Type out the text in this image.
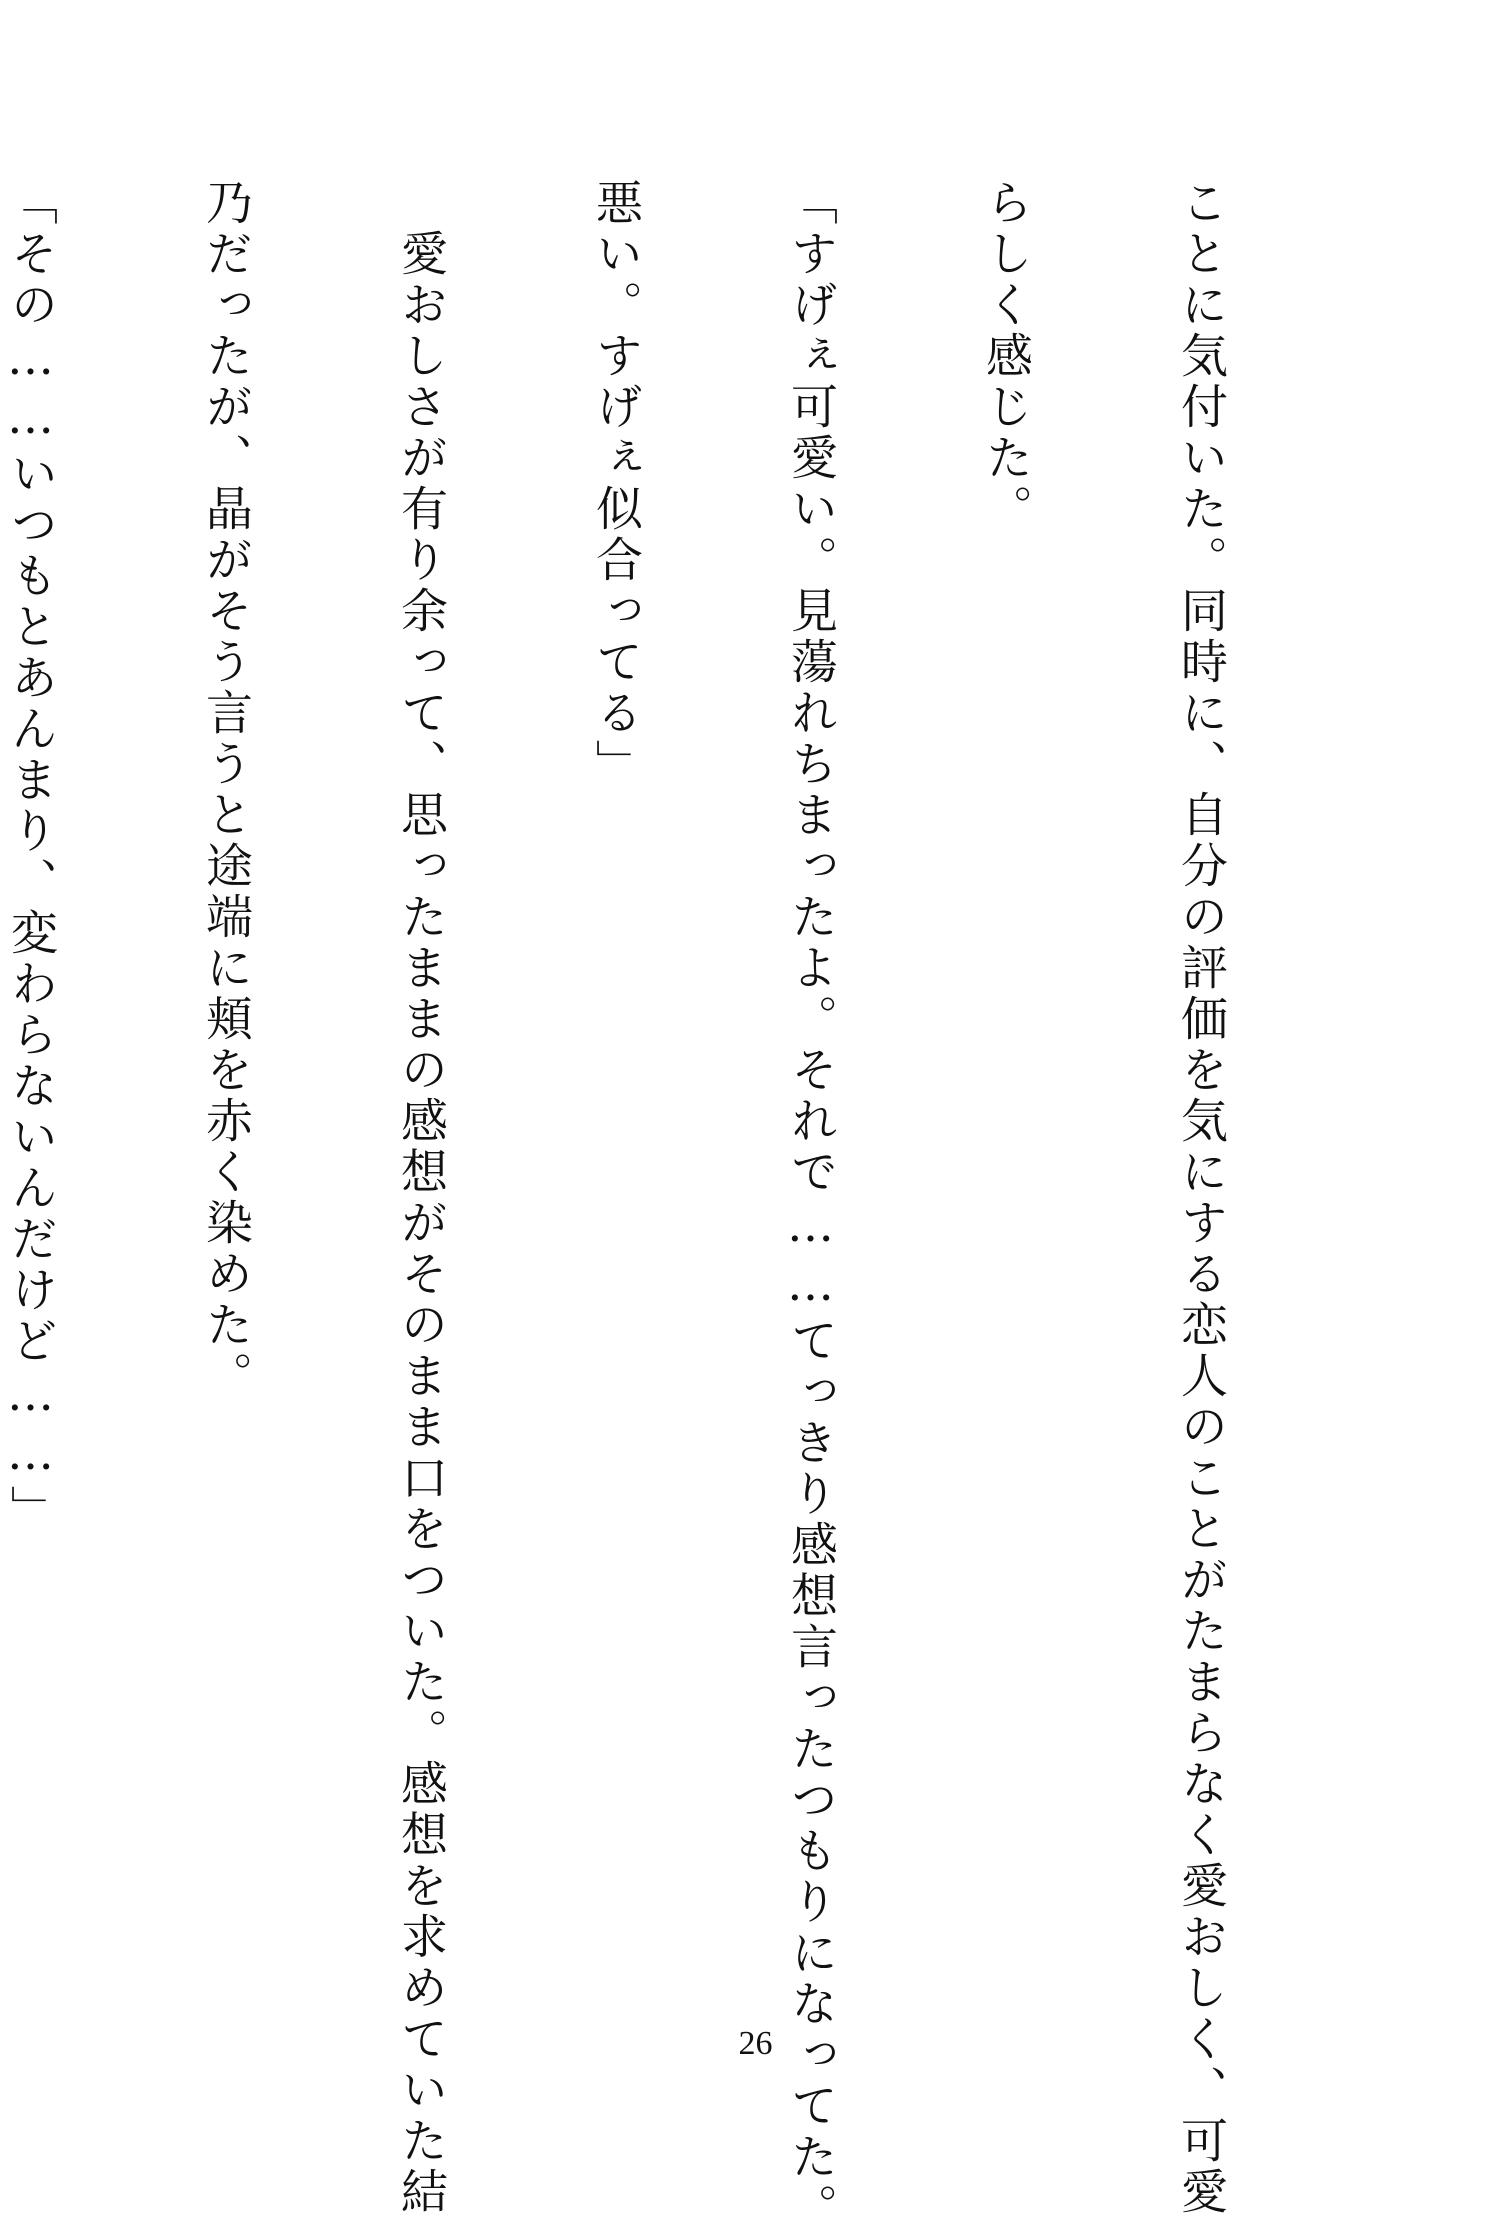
ことに気付いた。同時に、自分の評価を気にする恋人のことがたまらなく愛おしく、可愛

らしく感じた。

「すげぇ可愛い。見蕩れちまったよ。それで……てっきり感想言ったつもりになってた。

悪い。すげぇ似合ってる」

　愛おしさが有り余って、思ったままの感想がそのまま口をついた。感想を求めていた結

乃だったが、晶がそう言うと途端に頬を赤く染めた。

「その……いつもとあんまり、変わらないんだけど……」

26
